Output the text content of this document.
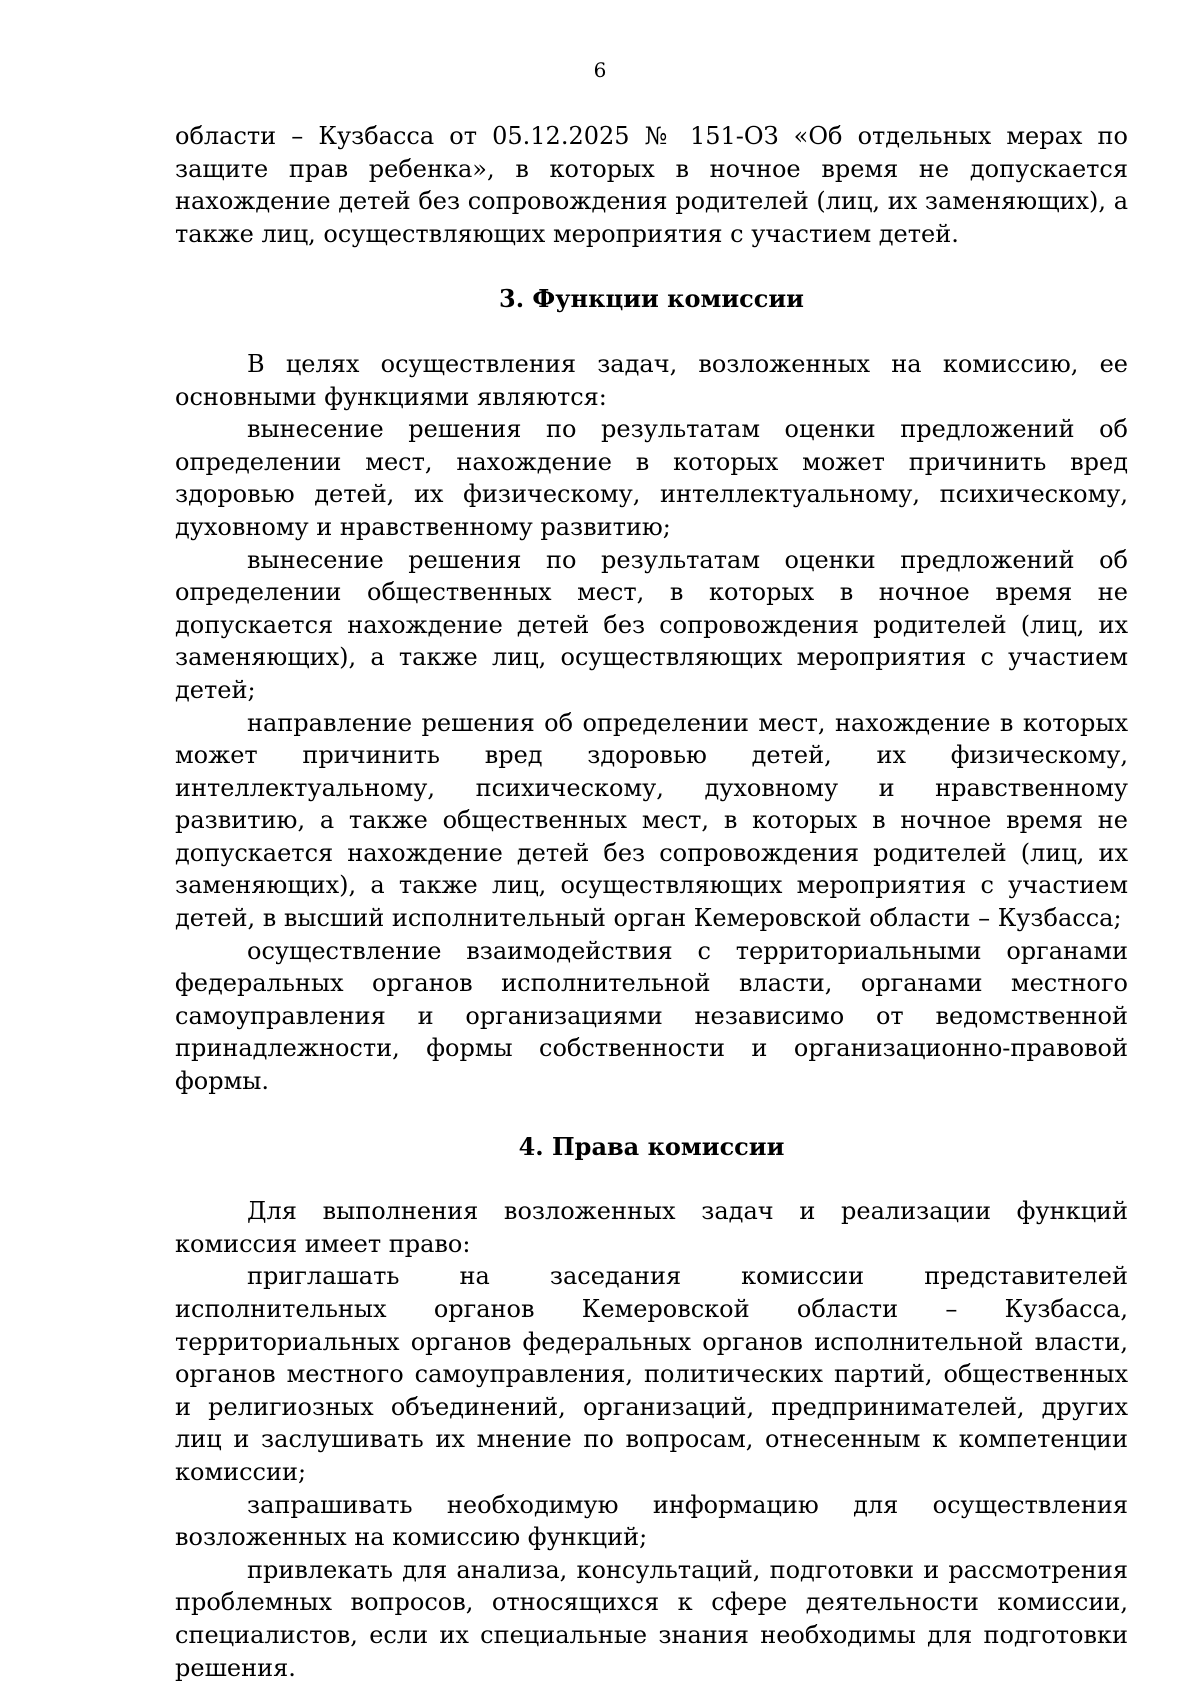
6

области – Кузбасса от 05.12.2025 № 151-ОЗ «Об отдельных мерах по защите прав ребенка», в которых в ночное время не допускается нахождение детей без сопровождения родителей (лиц, их заменяющих), а также лиц, осуществляющих мероприятия с участием детей.

3. Функции комиссии

В целях осуществления задач, возложенных на комиссию, ее основными функциями являются:

вынесение решения по результатам оценки предложений об определении мест, нахождение в которых может причинить вред здоровью детей, их физическому, интеллектуальному, психическому, духовному и нравственному развитию;

вынесение решения по результатам оценки предложений об определении общественных мест, в которых в ночное время не допускается нахождение детей без сопровождения родителей (лиц, их заменяющих), а также лиц, осуществляющих мероприятия с участием детей;

направление решения об определении мест, нахождение в которых может причинить вред здоровью детей, их физическому, интеллектуальному, психическому, духовному и нравственному развитию, а также общественных мест, в которых в ночное время не допускается нахождение детей без сопровождения родителей (лиц, их заменяющих), а также лиц, осуществляющих мероприятия с участием детей, в высший исполнительный орган Кемеровской области – Кузбасса;

осуществление взаимодействия с территориальными органами федеральных органов исполнительной власти, органами местного самоуправления и организациями независимо от ведомственной принадлежности, формы собственности и организационно-правовой формы.

4. Права комиссии

Для выполнения возложенных задач и реализации функций комиссия имеет право:

приглашать на заседания комиссии представителей исполнительных органов Кемеровской области – Кузбасса, территориальных органов федеральных органов исполнительной власти, органов местного самоуправления, политических партий, общественных и религиозных объединений, организаций, предпринимателей, других лиц и заслушивать их мнение по вопросам, отнесенным к компетенции комиссии;

запрашивать необходимую информацию для осуществления возложенных на комиссию функций;

привлекать для анализа, консультаций, подготовки и рассмотрения проблемных вопросов, относящихся к сфере деятельности комиссии, специалистов, если их специальные знания необходимы для подготовки решения.
